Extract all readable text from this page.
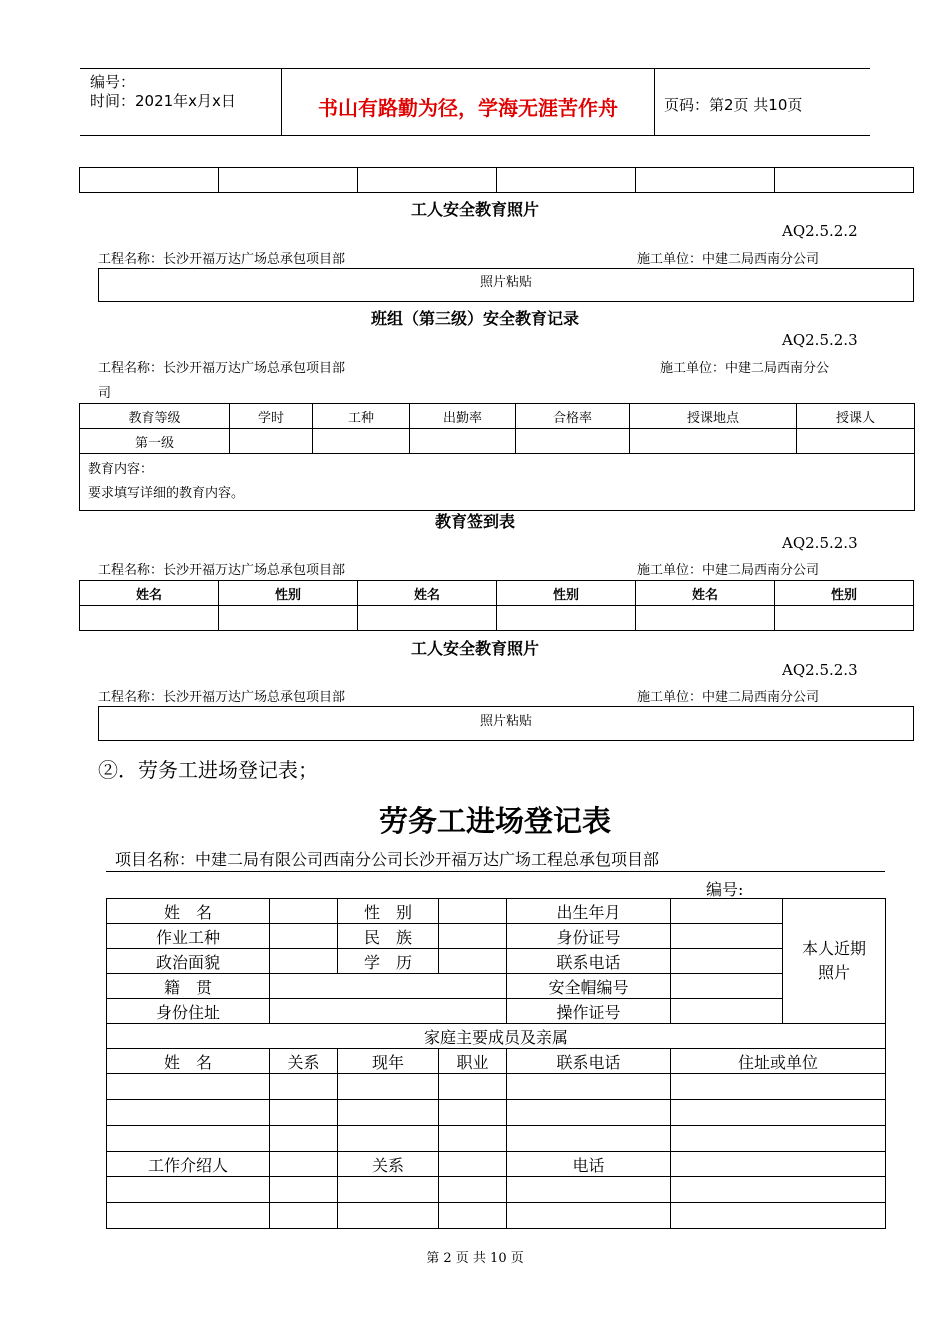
编号：
时间：2021年x月x日	书山有路勤为径，学海无涯苦作舟	页码：第2页 共10页

工人安全教育照片
AQ2.5.2.2
工程名称：长沙开福万达广场总承包项目部	施工单位：中建二局西南分公司
照片粘贴
班组（第三级）安全教育记录
AQ2.5.2.3
工程名称：长沙开福万达广场总承包项目部	施工单位：中建二局西南分公
司
教育等级	学时	工种	出勤率	合格率	授课地点	授课人
第一级						

教育内容：
要求填写详细的教育内容。						
教育签到表
AQ2.5.2.3
工程名称：长沙开福万达广场总承包项目部	施工单位：中建二局西南分公司
姓名	性别	姓名	性别	姓名	性别

工人安全教育照片
AQ2.5.2.3
工程名称：长沙开福万达广场总承包项目部	施工单位：中建二局西南分公司
照片粘贴
②．劳务工进场登记表；
劳务工进场登记表
项目名称：中建二局有限公司西南分公司长沙开福万达广场工程总承包项目部
编号:
姓　名		性　别		出生年月		本人近期
照片

作业工种		民　族		身份证号		
政治面貌		学　历		联系电话		
籍　贯				安全帽编号		
身份住址				操作证号		
家庭主要成员及亲属						
姓　名	关系	现年	职业	联系电话	住址或单位	

工作介绍人		关系		电话		

第 2 页 共 10 页
